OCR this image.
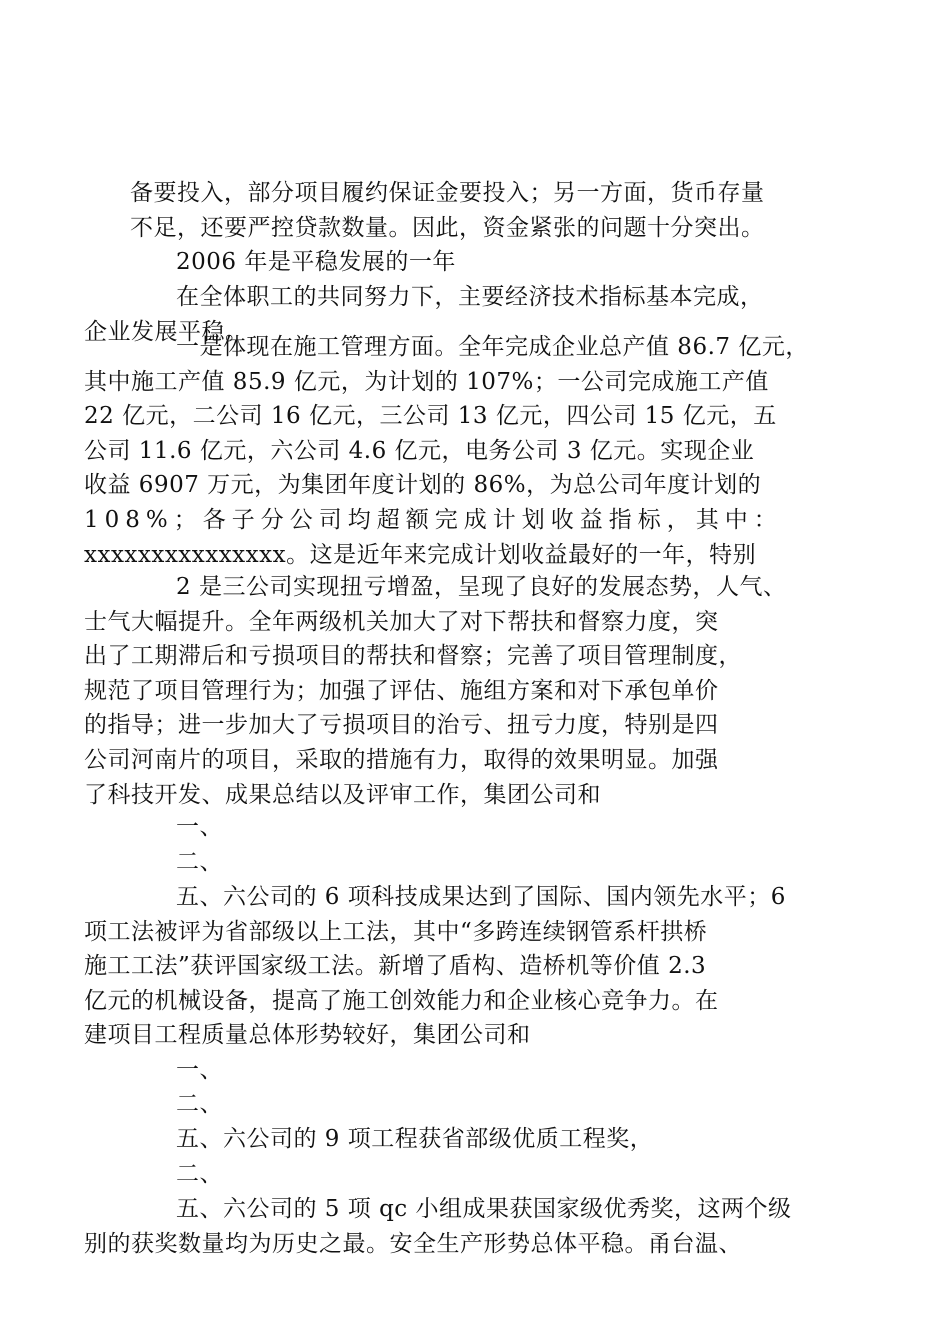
备要投入，部分项目履约保证金要投入；另一方面，货币存量
不足，还要严控贷款数量。因此，资金紧张的问题十分突出。

2006 年是平稳发展的一年

在全体职工的共同努力下，主要经济技术指标基本完成，
企业发展平稳。

一是体现在施工管理方面。全年完成企业总产值 86.7 亿元，
其中施工产值 85.9 亿元，为计划的 107%；一公司完成施工产值
22 亿元，二公司 16 亿元，三公司 13 亿元，四公司 15 亿元，五
公司 11.6 亿元，六公司 4.6 亿元，电务公司 3 亿元。实现企业
收益 6907 万元，为集团年度计划的 86%，为总公司年度计划的
108%；各子分公司均超额完成计划收益指标，其中：
xxxxxxxxxxxxxxx。这是近年来完成计划收益最好的一年，特别

2 是三公司实现扭亏增盈，呈现了良好的发展态势，人气、
士气大幅提升。全年两级机关加大了对下帮扶和督察力度，突
出了工期滞后和亏损项目的帮扶和督察；完善了项目管理制度，
规范了项目管理行为；加强了评估、施组方案和对下承包单价
的指导；进一步加大了亏损项目的治亏、扭亏力度，特别是四
公司河南片的项目，采取的措施有力，取得的效果明显。加强
了科技开发、成果总结以及评审工作，集团公司和

一、

二、

五、六公司的 6 项科技成果达到了国际、国内领先水平；6
项工法被评为省部级以上工法，其中“多跨连续钢管系杆拱桥
施工工法”获评国家级工法。新增了盾构、造桥机等价值 2.3
亿元的机械设备，提高了施工创效能力和企业核心竞争力。在
建项目工程质量总体形势较好，集团公司和

一、

二、

五、六公司的 9 项工程获省部级优质工程奖，

二、

五、六公司的 5 项 qc 小组成果获国家级优秀奖，这两个级
别的获奖数量均为历史之最。安全生产形势总体平稳。甬台温、
